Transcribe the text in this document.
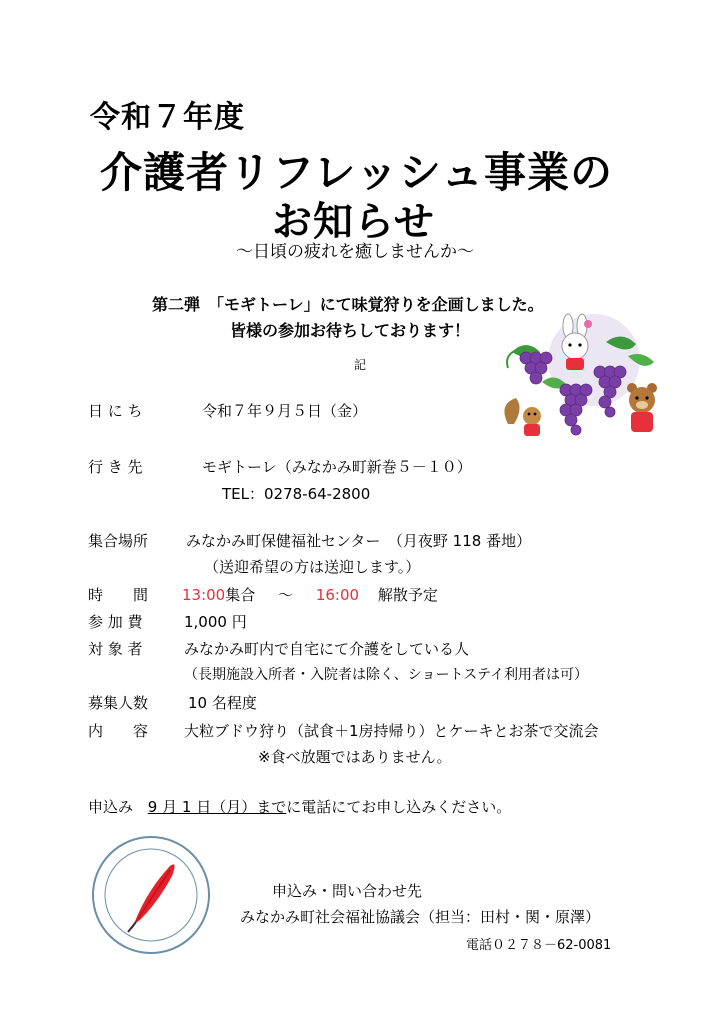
令和７年度
介護者リフレッシュ事業の
お知らせ
～日頃の疲れを癒しませんか～
第二弾　「モギトーレ」にて味覚狩りを企画しました。
皆様の参加お待ちしております！
記
日 に ち	令和７年９月５日（金）
行 き 先	モギトーレ（みなかみ町新巻５－１０）
TEL：0278-64-2800
集合場所	みなかみ町保健福祉センター　（月夜野 118 番地）
（送迎希望の方は送迎します。）
時　　間 13:00集合 ～ 16:00 解散予定
参 加 費	1,000 円
対 象 者	みなかみ町内で自宅にて介護をしている人
（長期施設入所者・入院者は除く、ショートステイ利用者は可）
募集人数	10 名程度
内　　容 大粒ブドウ狩り（試食＋1房持帰り）とケーキとお茶で交流会
※食べ放題ではありません。
申込み 9 月 1 日（月）までに電話にてお申し込みください。
申込み・問い合わせ先
みなかみ町社会福祉協議会（担当：田村・関・原澤）
電話０２７８－62-0081
